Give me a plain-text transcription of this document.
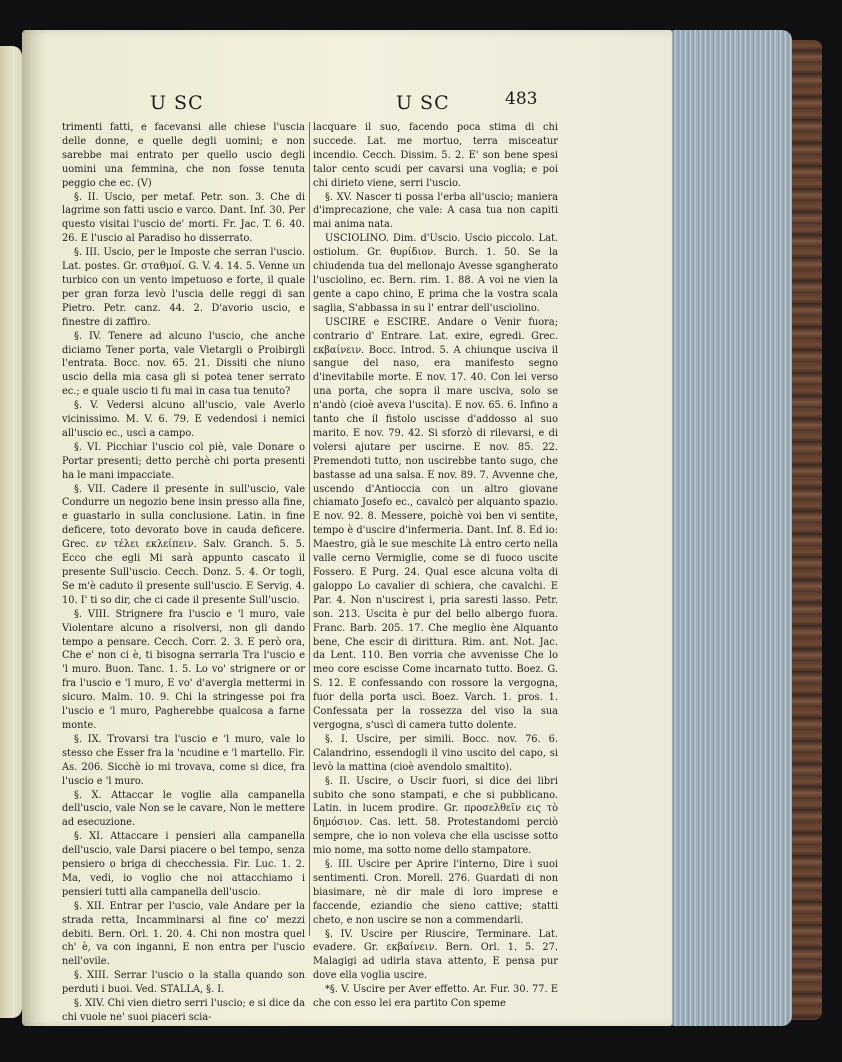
U SC	U SC	483

trimenti fatti, e facevansi alle chiese l'uscia delle donne, e quelle degli uomini; e non sarebbe mai entrato per quello uscio degli uomini una femmina, che non fosse tenuta peggio che ec. (V)

§. II. Uscio, per metaf. Petr. son. 3. Che di lagrime son fatti uscio e varco. Dant. Inf. 30. Per questo visitai l'uscio de' morti. Fr. Jac. T. 6. 40. 26. E l'uscio al Paradiso ho disserrato.

§. III. Uscio, per le Imposte che serran l'uscio. Lat. postes. Gr. σταθμοί. G. V. 4. 14. 5. Venne un turbico con un vento impetuoso e forte, il quale per gran forza levò l'uscia delle reggi di san Pietro. Petr. canz. 44. 2. D'avorio uscio, e finestre di zaffiro.

§. IV. Tenere ad alcuno l'uscio, che anche diciamo Tener porta, vale Vietargli o Proibirgli l'entrata. Bocc. nov. 65. 21. Dissiti che niuno uscio della mia casa gli si potea tener serrato ec.; e quale uscio ti fu mai in casa tua tenuto?

§. V. Vedersi alcuno all'uscio, vale Averlo vicinissimo. M. V. 6. 79. E vedendosi i nemici all'uscio ec., uscì a campo.

§. VI. Picchiar l'uscio col piè, vale Donare o Portar presenti; detto perchè chi porta presenti ha le mani impacciate.

§. VII. Cadere il presente in sull'uscio, vale Condurre un negozio bene insin presso alla fine, e guastarlo in sulla conclusione. Latin. in fine deficere, toto devorato bove in cauda deficere. Grec. εν τέλει εκλείπειν. Salv. Granch. 5. 5. Ecco che egli Mi sarà appunto cascato il presente Sull'uscio. Cecch. Donz. 5. 4. Or togli, Se m'è caduto il presente sull'uscio. E Servig. 4. 10. I' ti so dir, che ci cade il presente Sull'uscio.

§. VIII. Strignere fra l'uscio e 'l muro, vale Violentare alcuno a risolversi, non gli dando tempo a pensare. Cecch. Corr. 2. 3. E però ora, Che e' non ci è, ti bisogna serrarla Tra l'uscio e 'l muro. Buon. Tanc. 1. 5. Lo vo' strignere or or fra l'uscio e 'l muro, E vo' d'avergla mettermi in sicuro. Malm. 10. 9. Chi la stringesse poi fra l'uscio e 'l muro, Pagherebbe qualcosa a farne monte.

§. IX. Trovarsi tra l'uscio e 'l muro, vale lo stesso che Esser fra la 'ncudine e 'l martello. Fir. As. 206. Sicchè io mi trovava, come si dice, fra l'uscio e 'l muro.

§. X. Attaccar le voglie alla campanella dell'uscio, vale Non se le cavare, Non le mettere ad esecuzione.

§. XI. Attaccare i pensieri alla campanella dell'uscio, vale Darsi piacere o bel tempo, senza pensiero o briga di checchessia. Fir. Luc. 1. 2. Ma, vedi, io voglio che noi attacchiamo i pensieri tutti alla campanella dell'uscio.

§. XII. Entrar per l'uscio, vale Andare per la strada retta, Incamminarsi al fine co' mezzi debiti. Bern. Orl. 1. 20. 4. Chi non mostra quel ch' è, va con inganni, E non entra per l'uscio nell'ovile.

§. XIII. Serrar l'uscio o la stalla quando son perduti i buoi. Ved. STALLA, §. I.

§. XIV. Chi vien dietro serri l'uscio; e si dice da chi vuole ne' suoi piaceri scia-

lacquare il suo, facendo poca stima di chi succede. Lat. me mortuo, terra misceatur incendio. Cecch. Dissim. 5. 2. E' son bene spesi talor cento scudi per cavarsi una voglia; e poi chi dirieto viene, serri l'uscio.

§. XV. Nascer ti possa l'erba all'uscio; maniera d'imprecazione, che vale: A casa tua non capiti mai anima nata.

USCIOLINO. Dim. d'Uscio. Uscio piccolo. Lat. ostiolum. Gr. θυρίδιον. Burch. 1. 50. Se la chiudenda tua del mellonajo Avesse sgangherato l'usciolino, ec. Bern. rim. 1. 88. A voi ne vien la gente a capo chino, E prima che la vostra scala saglia, S'abbassa in su l' entrar dell'usciolino.

USCIRE e ESCIRE. Andare o Venir fuora; contrario d' Entrare. Lat. exire, egredi. Grec. εκβαίνειν. Bocc. Introd. 5. A chiunque usciva il sangue del naso, era manifesto segno d'inevitabile morte. E nov. 17. 40. Con lei verso una porta, che sopra il mare usciva, solo se n'andò (cioè aveva l'uscita). E nov. 65. 6. Infino a tanto che il fistolo uscisse d'addosso al suo marito. E nov. 79. 42. Si sforzò di rilevarsi, e di volersi ajutare per uscirne. E nov. 85. 22. Premendoti tutto, non uscirebbe tanto sugo, che bastasse ad una salsa. E nov. 89. 7. Avvenne che, uscendo d'Antioccia con un altro giovane chiamato Josefo ec., cavalcò per alquanto spazio. E nov. 92. 8. Messere, poichè voi ben vi sentite, tempo è d'uscire d'infermeria. Dant. Inf. 8. Ed io: Maestro, già le sue meschite Là entro certo nella valle cerno Vermiglie, come se di fuoco uscite Fossero. E Purg. 24. Qual esce alcuna volta di galoppo Lo cavalier di schiera, che cavalchi. E Par. 4. Non n'uscirest i, pria saresti lasso. Petr. son. 213. Uscita è pur del bello albergo fuora. Franc. Barb. 205. 17. Che meglio ène Alquanto bene, Che escir di dirittura. Rim. ant. Not. Jac. da Lent. 110. Ben vorria che avvenisse Che lo meo core escisse Come incarnato tutto. Boez. G. S. 12. E confessando con rossore la vergogna, fuor della porta uscì. Boez. Varch. 1. pros. 1. Confessata per la rossezza del viso la sua vergogna, s'uscì di camera tutto dolente.

§. I. Uscire, per simili. Bocc. nov. 76. 6. Calandrino, essendogli il vino uscito del capo, si levò la mattina (cioè avendolo smaltito).

§. II. Uscire, o Uscir fuori, si dice dei libri subito che sono stampati, e che si pubblicano. Latin. in lucem prodire. Gr. προσελθεῖν εις τὸ δημόσιον. Cas. lett. 58. Protestandomi perciò sempre, che io non voleva che ella uscisse sotto mio nome, ma sotto nome dello stampatore.

§. III. Uscire per Aprire l'interno, Dire i suoi sentimenti. Cron. Morell. 276. Guardati di non biasimare, nè dir male di loro imprese e faccende, eziandio che sieno cattive; statti cheto, e non uscire se non a commendarli.

§. IV. Uscire per Riuscire, Terminare. Lat. evadere. Gr. εκβαίνειν. Bern. Orl. 1. 5. 27. Malagigi ad udirla stava attento, E pensa pur dove ella voglia uscire.

*§. V. Uscire per Aver effetto. Ar. Fur. 30. 77. E che con esso lei era partito Con speme
